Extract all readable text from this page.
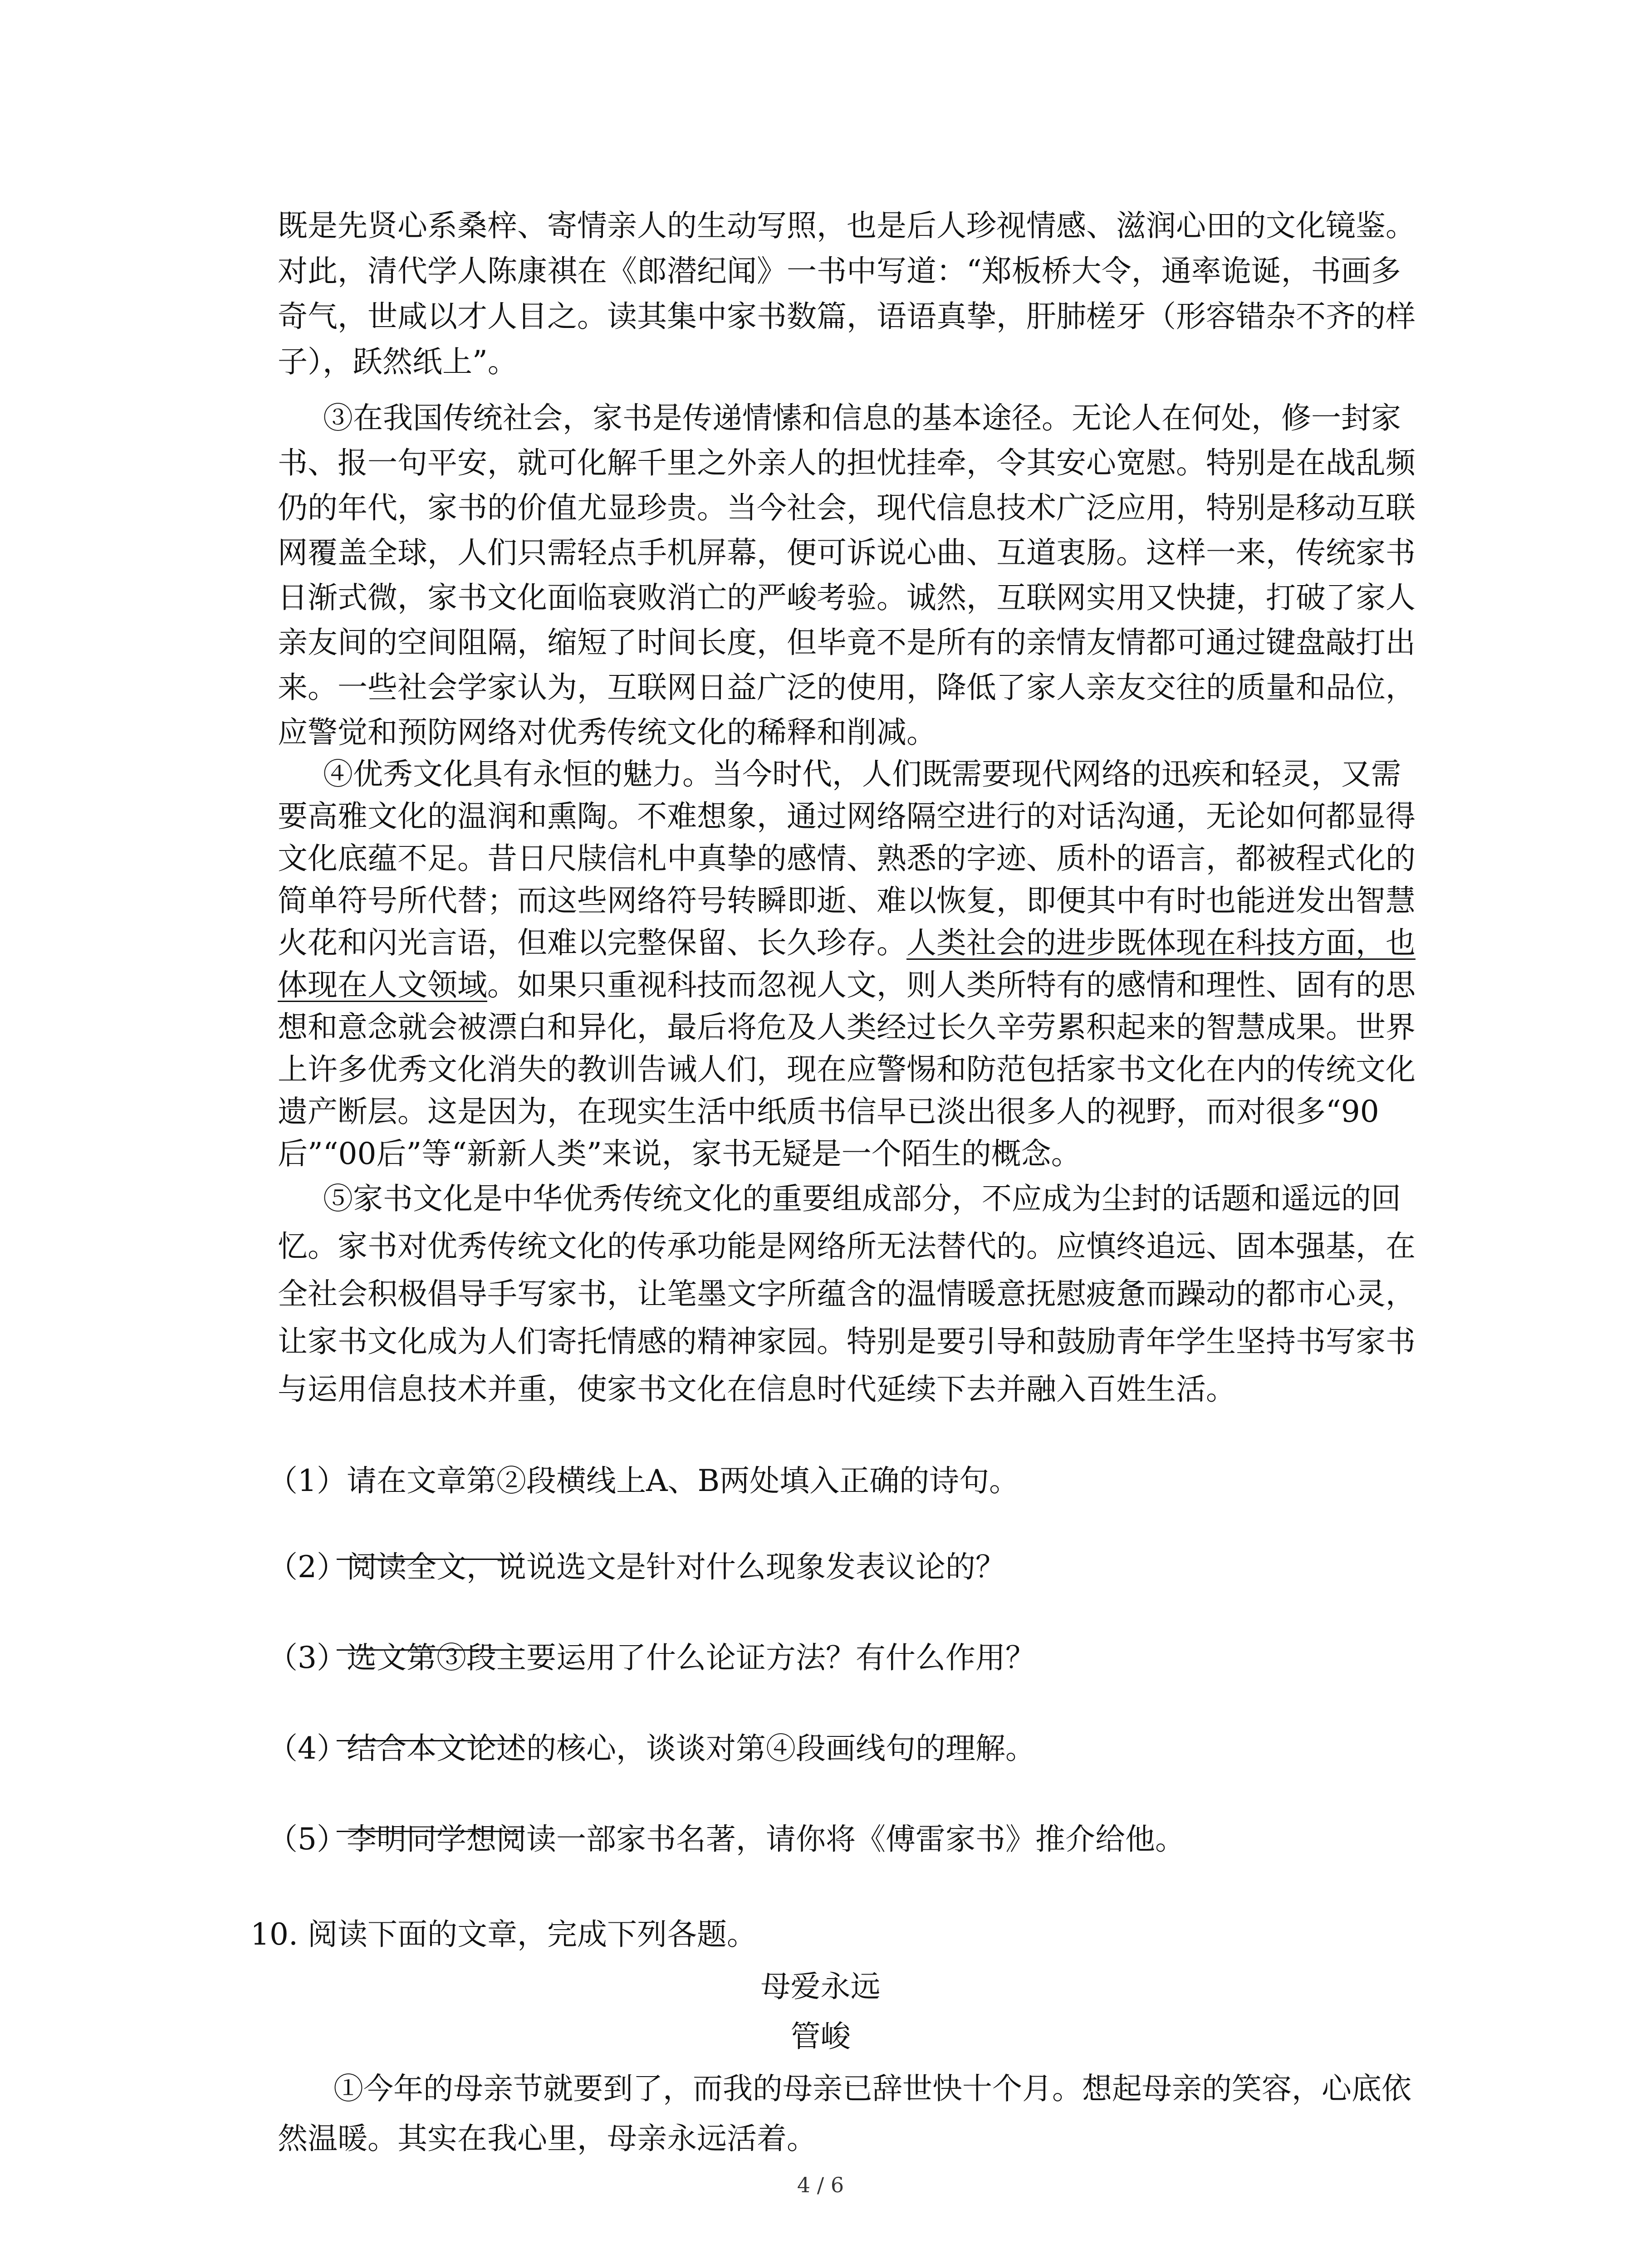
既是先贤心系桑梓、寄情亲人的生动写照，也是后人珍视情感、滋润心田的文化镜鉴。

对此，清代学人陈康祺在《郎潜纪闻》一书中写道：“郑板桥大令，通率诡诞，书画多

奇气，世咸以才人目之。读其集中家书数篇，语语真挚，肝肺槎牙（形容错杂不齐的样

子），跃然纸上”。

③在我国传统社会，家书是传递情愫和信息的基本途径。无论人在何处，修一封家

书、报一句平安，就可化解千里之外亲人的担忧挂牵，令其安心宽慰。特别是在战乱频

仍的年代，家书的价值尤显珍贵。当今社会，现代信息技术广泛应用，特别是移动互联

网覆盖全球，人们只需轻点手机屏幕，便可诉说心曲、互道衷肠。这样一来，传统家书

日渐式微，家书文化面临衰败消亡的严峻考验。诚然，互联网实用又快捷，打破了家人

亲友间的空间阻隔，缩短了时间长度，但毕竟不是所有的亲情友情都可通过键盘敲打出

来。一些社会学家认为，互联网日益广泛的使用，降低了家人亲友交往的质量和品位，

应警觉和预防网络对优秀传统文化的稀释和削减。

④优秀文化具有永恒的魅力。当今时代，人们既需要现代网络的迅疾和轻灵，又需

要高雅文化的温润和熏陶。不难想象，通过网络隔空进行的对话沟通，无论如何都显得

文化底蕴不足。昔日尺牍信札中真挚的感情、熟悉的字迹、质朴的语言，都被程式化的

简单符号所代替；而这些网络符号转瞬即逝、难以恢复，即便其中有时也能迸发出智慧

火花和闪光言语，但难以完整保留、长久珍存。人类社会的进步既体现在科技方面，也

体现在人文领域。如果只重视科技而忽视人文，则人类所特有的感情和理性、固有的思

想和意念就会被漂白和异化，最后将危及人类经过长久辛劳累积起来的智慧成果。世界

上许多优秀文化消失的教训告诫人们，现在应警惕和防范包括家书文化在内的传统文化

遗产断层。这是因为，在现实生活中纸质书信早已淡出很多人的视野，而对很多“90

后”“00后”等“新新人类”来说，家书无疑是一个陌生的概念。

⑤家书文化是中华优秀传统文化的重要组成部分，不应成为尘封的话题和遥远的回

忆。家书对优秀传统文化的传承功能是网络所无法替代的。应慎终追远、固本强基，在

全社会积极倡导手写家书，让笔墨文字所蕴含的温情暖意抚慰疲惫而躁动的都市心灵，

让家书文化成为人们寄托情感的精神家园。特别是要引导和鼓励青年学生坚持书写家书

与运用信息技术并重，使家书文化在信息时代延续下去并融入百姓生活。

（1）请在文章第②段横线上A、B两处填入正确的诗句。

（2）阅读全文，说说选文是针对什么现象发表议论的？

（3）选文第③段主要运用了什么论证方法？有什么作用？

（4）结合本文论述的核心，谈谈对第④段画线句的理解。

（5）李明同学想阅读一部家书名著，请你将《傅雷家书》推介给他。

10. 阅读下面的文章，完成下列各题。

母爱永远

管峻

①今年的母亲节就要到了，而我的母亲已辞世快十个月。想起母亲的笑容，心底依

然温暖。其实在我心里，母亲永远活着。

4 / 6
